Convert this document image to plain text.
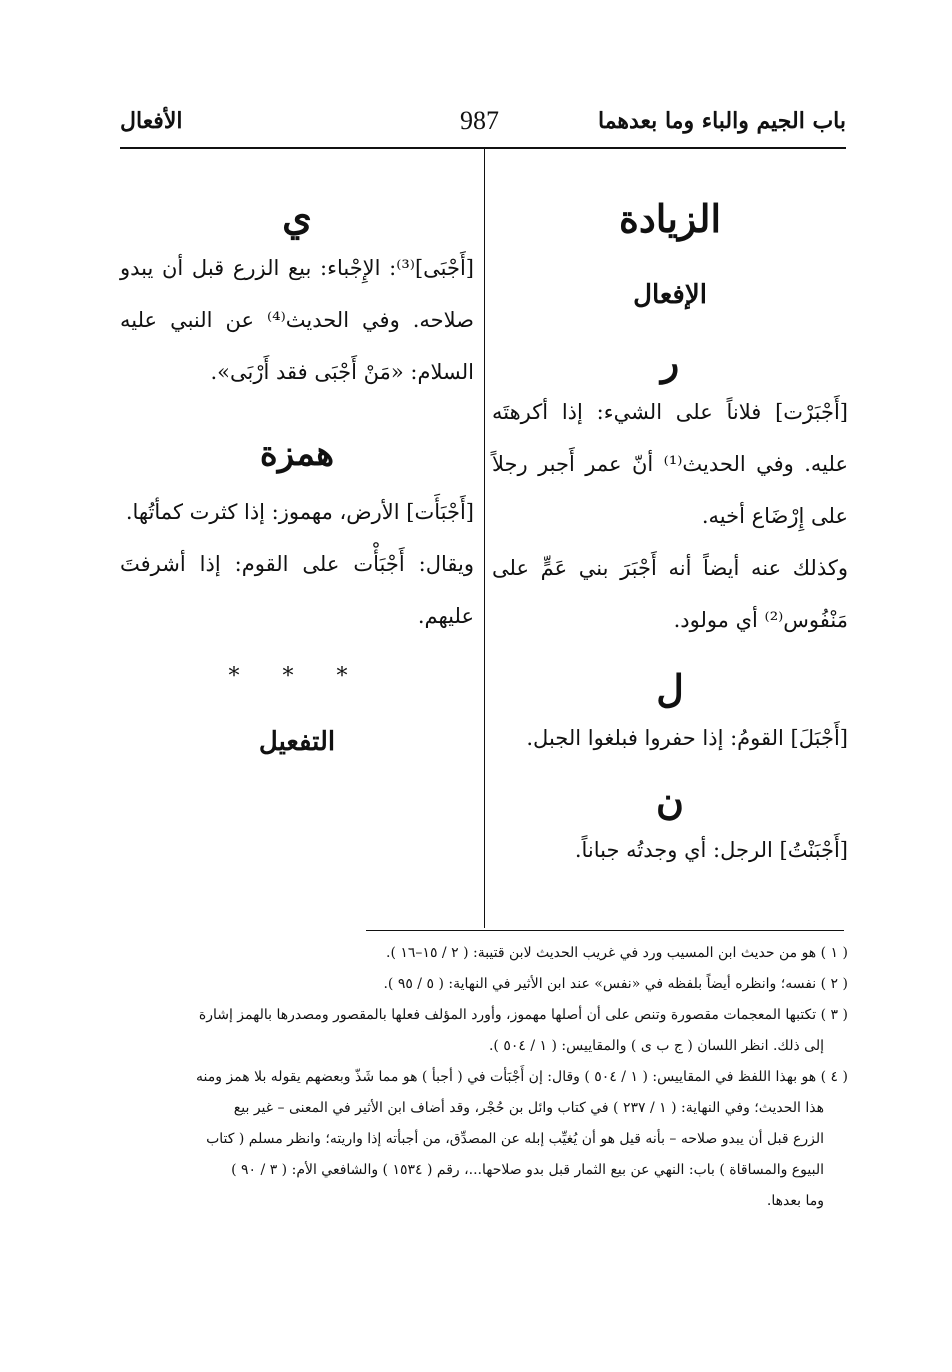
باب الجيم والباء وما بعدهما
987
الأفعال

الزيادة

الإفعال

ر

[أَجْبَرْت] فلاناً على الشيء: إذا أكرهتَه عليه. وفي الحديث⁽¹⁾ أنّ عمر أَجبر رجلاً على إِرْضَاع أخيه.

وكذلك عنه أيضاً أنه أَجْبَرَ بني عَمٍّ على مَنْفُوس⁽²⁾ أي مولود.

ل

[أَجْبَلَ] القومُ: إذا حفروا فبلغوا الجبل.

ن

[أَجْبَنْتُ] الرجل: أي وجدتُه جباناً.

ي

[أَجْبَى]⁽³⁾: الإِجْباء: بيع الزرع قبل أن يبدو صلاحه. وفي الحديث⁽⁴⁾ عن النبي عليه السلام: «مَنْ أَجْبَى فقد أَرْبَى».

همزة

[أَجْبَأَت] الأرض، مهموز: إذا كثرت كمأتُها.

ويقال: أَجْبَأْت على القوم: إذا أشرفتَ عليهم.

* * *

التفعيل

( ١ ) هو من حديث ابن المسيب ورد في غريب الحديث لابن قتيبة: ( ٢ / ١٥–١٦ ).

( ٢ ) نفسه؛ وانظره أيضاً بلفظه في «نفس» عند ابن الأثير في النهاية: ( ٥ / ٩٥ ).

( ٣ ) تكتبها المعجمات مقصورة وتنص على أن أصلها مهموز، وأورد المؤلف فعلها بالمقصور ومصدرها بالهمز إشارة

إلى ذلك. انظر اللسان ( ج ب ى ) والمقاييس: ( ١ / ٥٠٤ ).

( ٤ ) هو بهذا اللفظ في المقاييس: ( ١ / ٥٠٤ ) وقال: إن أَجْبَأت في ( أجبأ ) هو مما شَذّ وبعضهم يقوله بلا همز ومنه

هذا الحديث؛ وفي النهاية: ( ١ / ٢٣٧ ) في كتاب وائل بن حُجْر، وقد أضاف ابن الأثير في المعنى – غير بيع

الزرع قبل أن يبدو صلاحه – بأنه قيل هو أن يُغيِّب إبله عن المصدِّق، من أجبأته إذا واريته؛ وانظر مسلم ( كتاب

البيوع والمساقاة ) باب: النهي عن بيع الثمار قبل بدو صلاحها...، رقم ( ١٥٣٤ ) والشافعي الأم: ( ٣ / ٩٠ )

وما بعدها.
